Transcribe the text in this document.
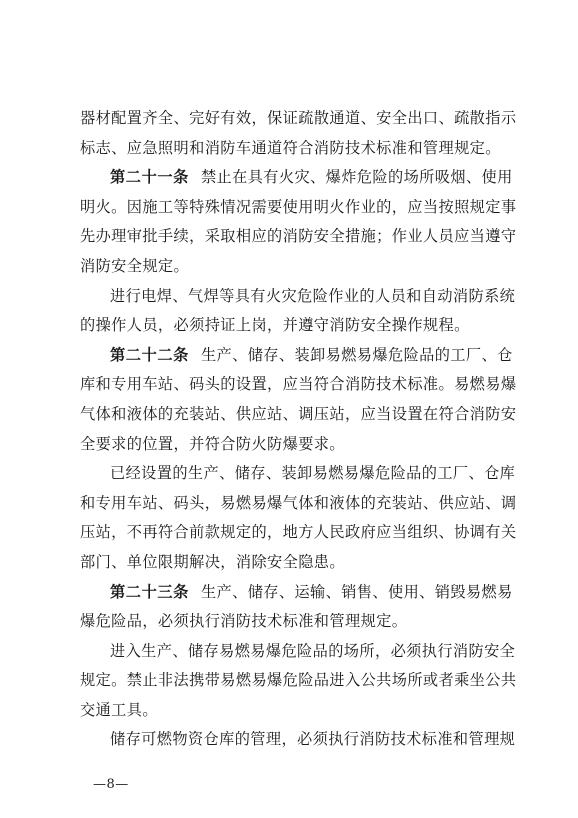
器材配置齐全、完好有效，保证疏散通道、安全出口、疏散指示
标志、应急照明和消防车通道符合消防技术标准和管理规定。
第二十一条 禁止在具有火灾、爆炸危险的场所吸烟、使用
明火。因施工等特殊情况需要使用明火作业的，应当按照规定事
先办理审批手续，采取相应的消防安全措施；作业人员应当遵守
消防安全规定。
进行电焊、气焊等具有火灾危险作业的人员和自动消防系统
的操作人员，必须持证上岗，并遵守消防安全操作规程。
第二十二条 生产、储存、装卸易燃易爆危险品的工厂、仓
库和专用车站、码头的设置，应当符合消防技术标准。易燃易爆
气体和液体的充装站、供应站、调压站，应当设置在符合消防安
全要求的位置，并符合防火防爆要求。
已经设置的生产、储存、装卸易燃易爆危险品的工厂、仓库
和专用车站、码头，易燃易爆气体和液体的充装站、供应站、调
压站，不再符合前款规定的，地方人民政府应当组织、协调有关
部门、单位限期解决，消除安全隐患。
第二十三条 生产、储存、运输、销售、使用、销毁易燃易
爆危险品，必须执行消防技术标准和管理规定。
进入生产、储存易燃易爆危险品的场所，必须执行消防安全
规定。禁止非法携带易燃易爆危险品进入公共场所或者乘坐公共
交通工具。
储存可燃物资仓库的管理，必须执行消防技术标准和管理规
—8—
